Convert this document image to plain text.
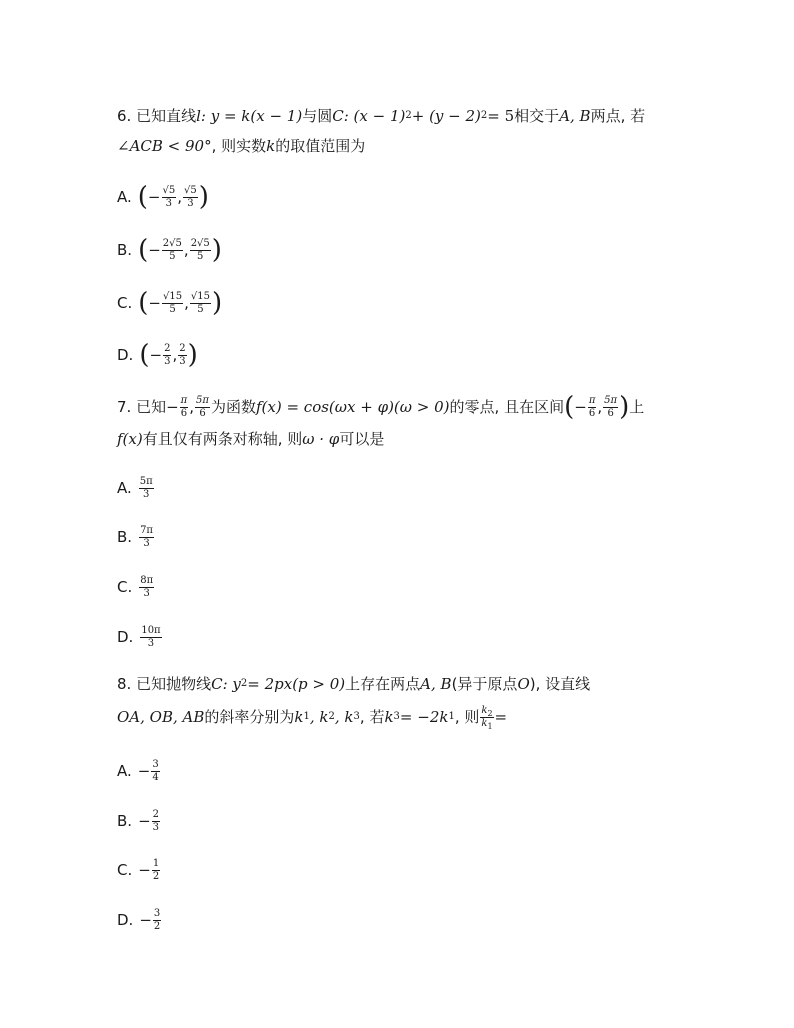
6. 已知直线 l : y = k(x − 1) 与圆 C : (x − 1) 2 + (y − 2) 2 = 5 相交于 A, B 两点, 若
∠ACB < 90° , 则实数 k 的取值范围为
A. ( − $\frac{√5}{3}$ , $\frac{√5}{3}$ )
B. ( − $\frac{2√5}{5}$ , $\frac{2√5}{5}$ )
C. ( − $\frac{√15}{5}$ , $\frac{√15}{5}$ )
D. ( − $\frac{2}{3}$ , $\frac{2}{3}$ )
7. 已知 − $\frac{\pi}{6}$ , $\frac{5\pi}{6}$ 为函数 f(x) = cos(ωx + φ)(ω > 0) 的零点, 且在区间 ( − $\frac{\pi}{6}$ , $\frac{5\pi}{6}$ ) 上
f(x) 有且仅有两条对称轴, 则 ω · φ 可以是
A. $\frac{5\pi}{3}$
B. $\frac{7\pi}{3}$
C. $\frac{8\pi}{3}$
D. $\frac{10\pi}{3}$
8. 已知抛物线 C : y 2 = 2px(p > 0) 上存在两点 A, B (异于原点 O ), 设直线
OA, OB, AB 的斜率分别为 k 1 , k 2 , k 3 , 若 k 3 = −2k 1 , 则 $\frac{k_2}{k_1}$ =
A. − $\frac{3}{4}$
B. − $\frac{2}{3}$
C. − $\frac{1}{2}$
D. − $\frac{3}{2}$
